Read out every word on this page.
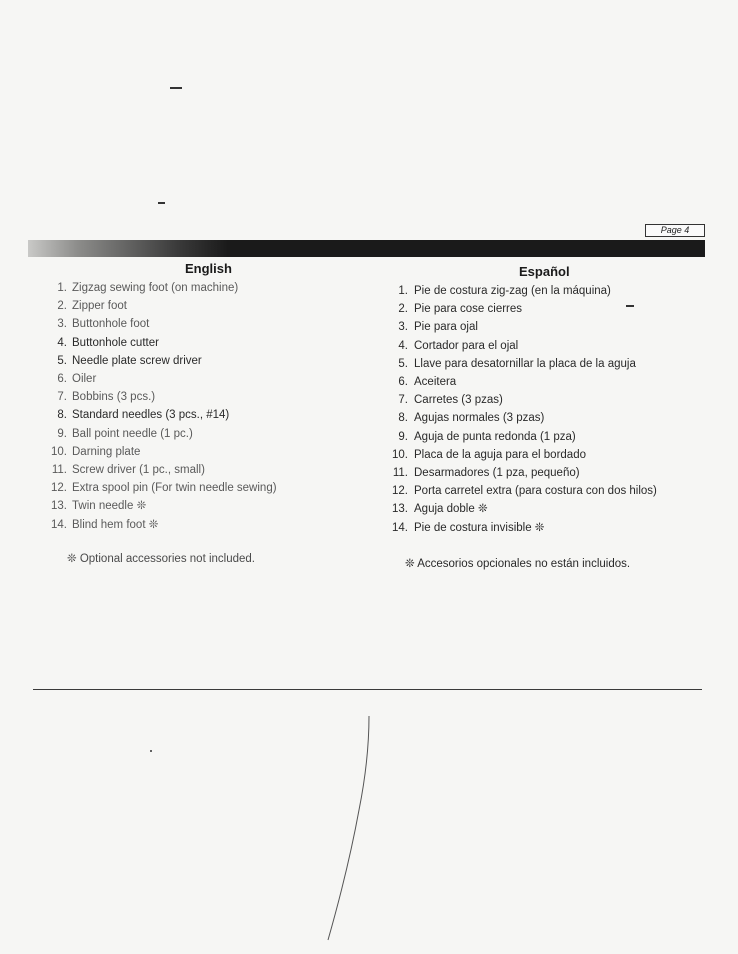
Page 4
English
1. Zigzag sewing foot (on machine)
2. Zipper foot
3. Buttonhole foot
4. Buttonhole cutter
5. Needle plate screw driver
6. Oiler
7. Bobbins (3 pcs.)
8. Standard needles (3 pcs., #14)
9. Ball point needle (1 pc.)
10. Darning plate
11. Screw driver (1 pc., small)
12. Extra spool pin (For twin needle sewing)
13. Twin needle ❊
14. Blind hem foot ❊
❊ Optional accessories not included.
Español
1. Pie de costura zig-zag (en la máquina)
2. Pie para cose cierres
3. Pie para ojal
4. Cortador para el ojal
5. Llave para desatornillar la placa de la aguja
6. Aceitera
7. Carretes (3 pzas)
8. Agujas normales (3 pzas)
9. Aguja de punta redonda (1 pza)
10. Placa de la aguja para el bordado
11. Desarmadores (1 pza, pequeño)
12. Porta carretel extra (para costura con dos hilos)
13. Aguja doble ❊
14. Pie de costura invisible ❊
❊ Accesorios opcionales no están incluidos.
